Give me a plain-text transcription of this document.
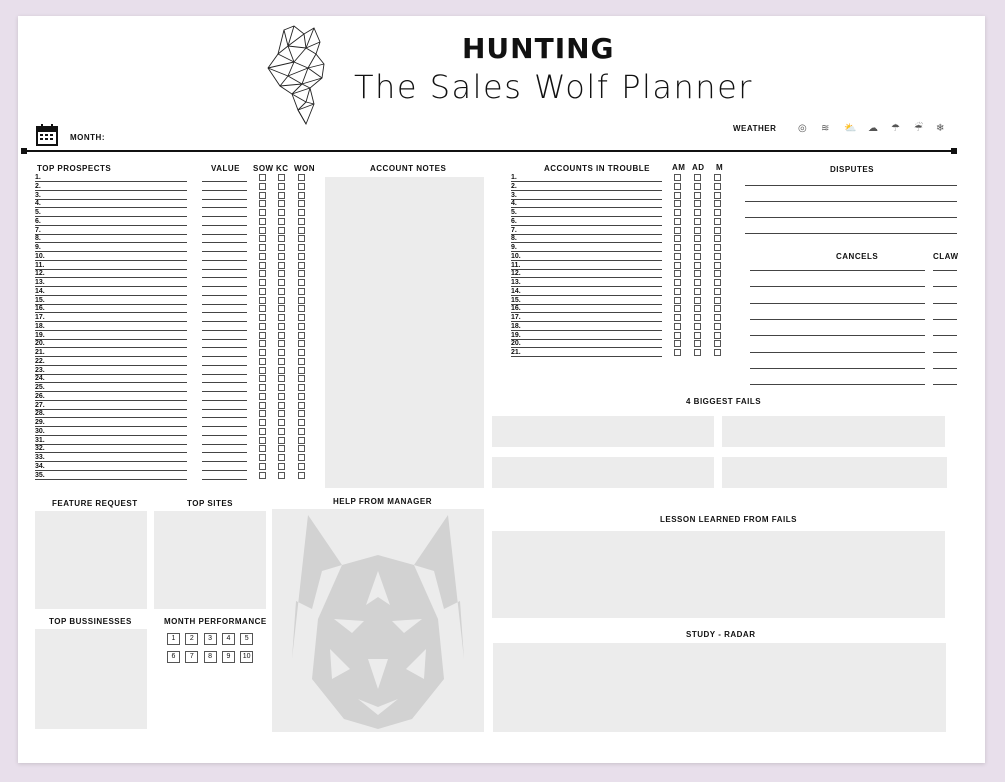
HUNTING
The Sales Wolf Planner
MONTH:
WEATHER ◎ ≋ ⛅ ☁ ☂ ☔ ❄
TOP PROSPECTS	VALUE SOW KC WON	ACCOUNT NOTES	ACCOUNTS IN TROUBLE	AM AD M	DISPUTES
CANCELS	CLAW
4 BIGGEST FAILS
FEATURE REQUEST	TOP SITES	HELP FROM MANAGER
LESSON LEARNED FROM FAILS
TOP BUSSINESSES	MONTH PERFORMANCE
STUDY - RADAR
1.
2.
3.
4.
5.
6.
7.
8.
9.
10.
11.
12.
13.
14.
15.
16.
17.
18.
19.
20.
21.
22.
23.
24.
25.
26.
27.
28.
29.
30.
31.
32.
33.
34.
35.
1.
2.
3.
4.
5.
6.
7.
8.
9.
10.
11.
12.
13.
14.
15.
16.
17.
18.
19.
20.
21.
1	2	3	4	5
6	7	8	9	10
